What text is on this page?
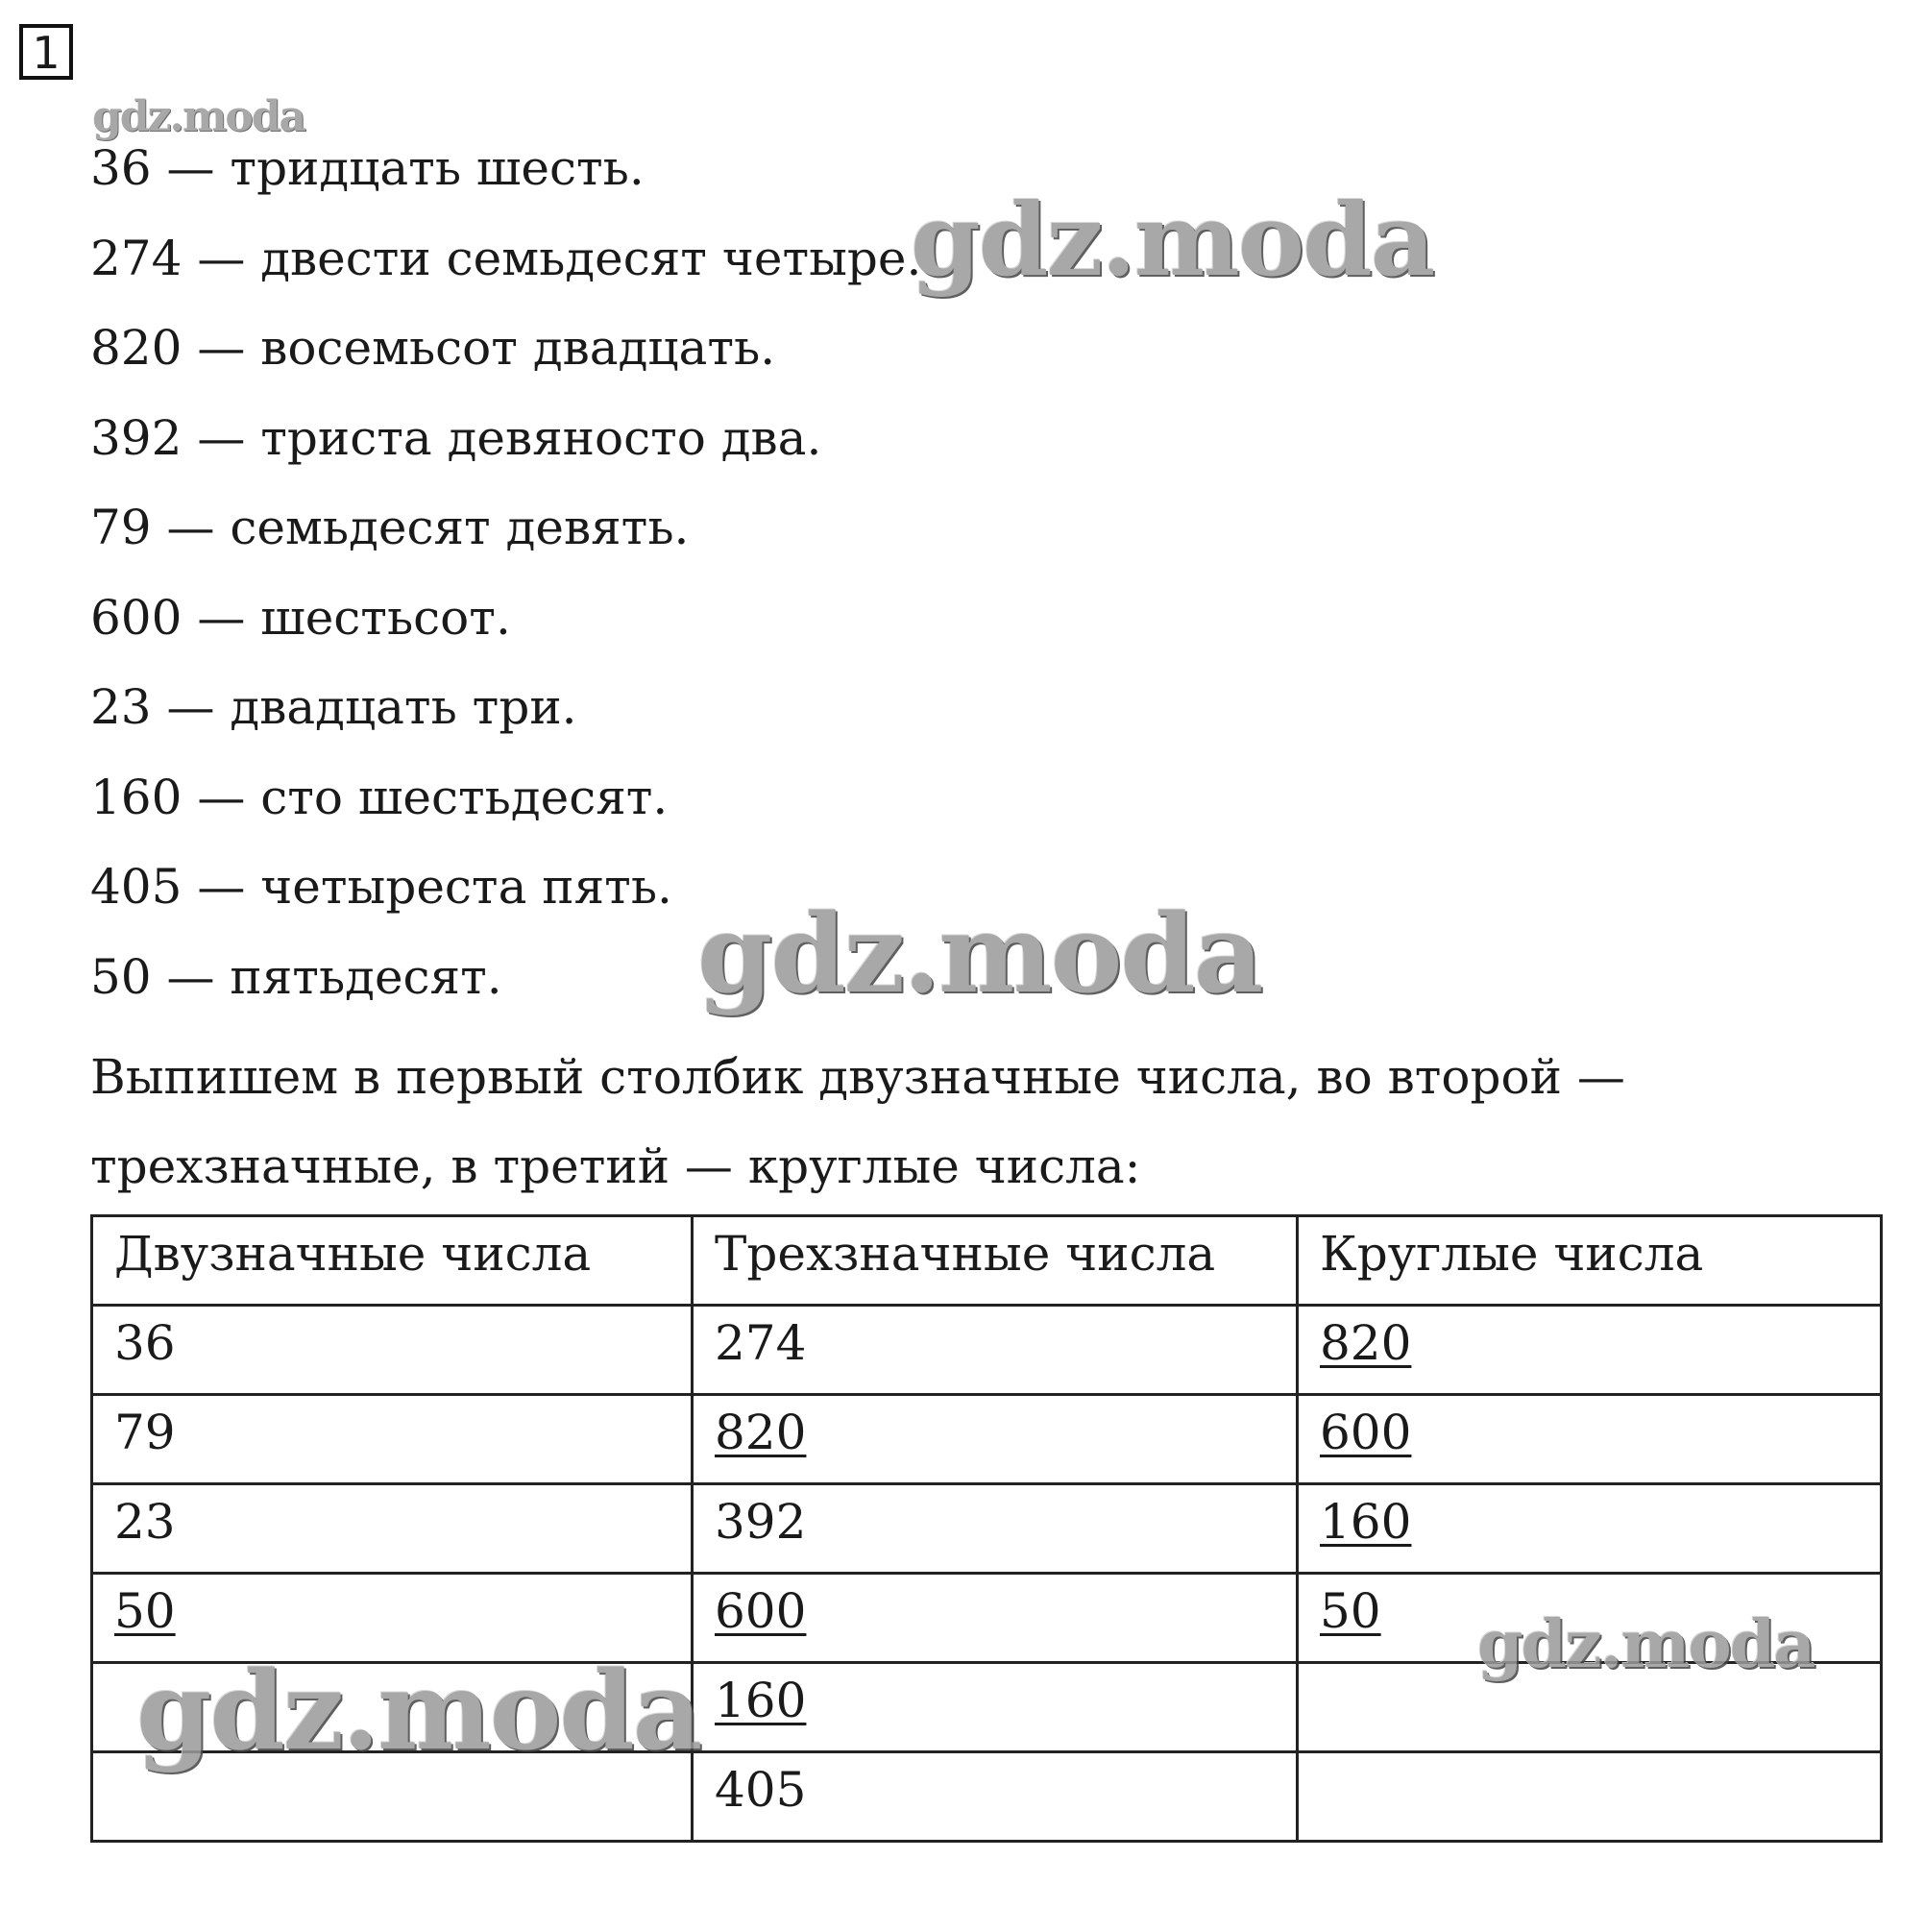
1
gdz.moda
36 — тридцать шесть.
274 — двести семьдесят четыре.
820 — восемьсот двадцать.
392 — триста девяносто два.
79 — семьдесят девять.
600 — шестьсот.
23 — двадцать три.
160 — сто шестьдесят.
405 — четыреста пять.
50 — пятьдесят.

Выпишем в первый столбик двузначные числа, во второй — трехзначные, в третий — круглые числа:

Двузначные числа	Трехзначные числа	Круглые числа
36	274	820
79	820	600
23	392	160
50	600	50
	160	
	405	
gdz.moda
gdz.moda
gdz.moda
gdz.moda
